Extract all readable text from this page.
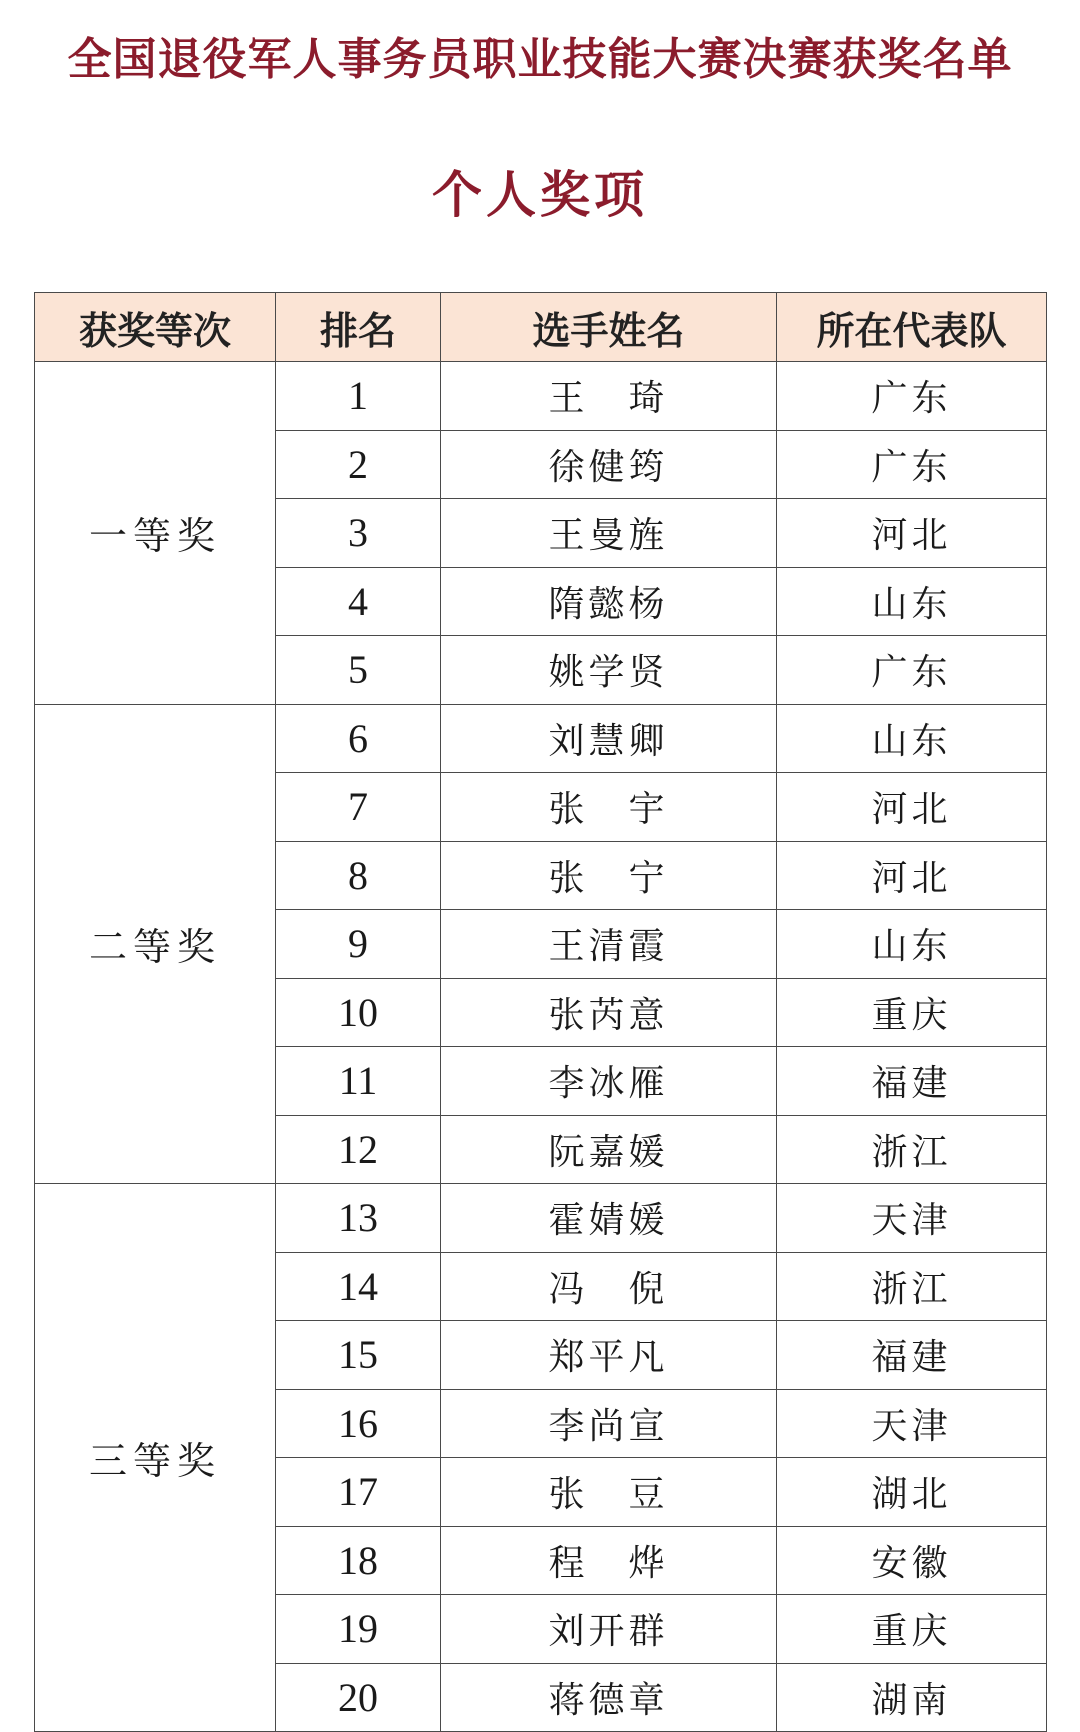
全国退役军人事务员职业技能大赛决赛获奖名单
个人奖项
获奖等次	排名	选手姓名	所在代表队
一等奖	1	王　琦	广东
	2	徐健筠	广东
	3	王曼旌	河北
	4	隋懿杨	山东
	5	姚学贤	广东
二等奖	6	刘慧卿	山东
	7	张　宇	河北
	8	张　宁	河北
	9	王清霞	山东
	10	张芮意	重庆
	11	李冰雁	福建
	12	阮嘉媛	浙江
三等奖	13	霍婧媛	天津
	14	冯　倪	浙江
	15	郑平凡	福建
	16	李尚宣	天津
	17	张　豆	湖北
	18	程　烨	安徽
	19	刘开群	重庆
	20	蒋德章	湖南
